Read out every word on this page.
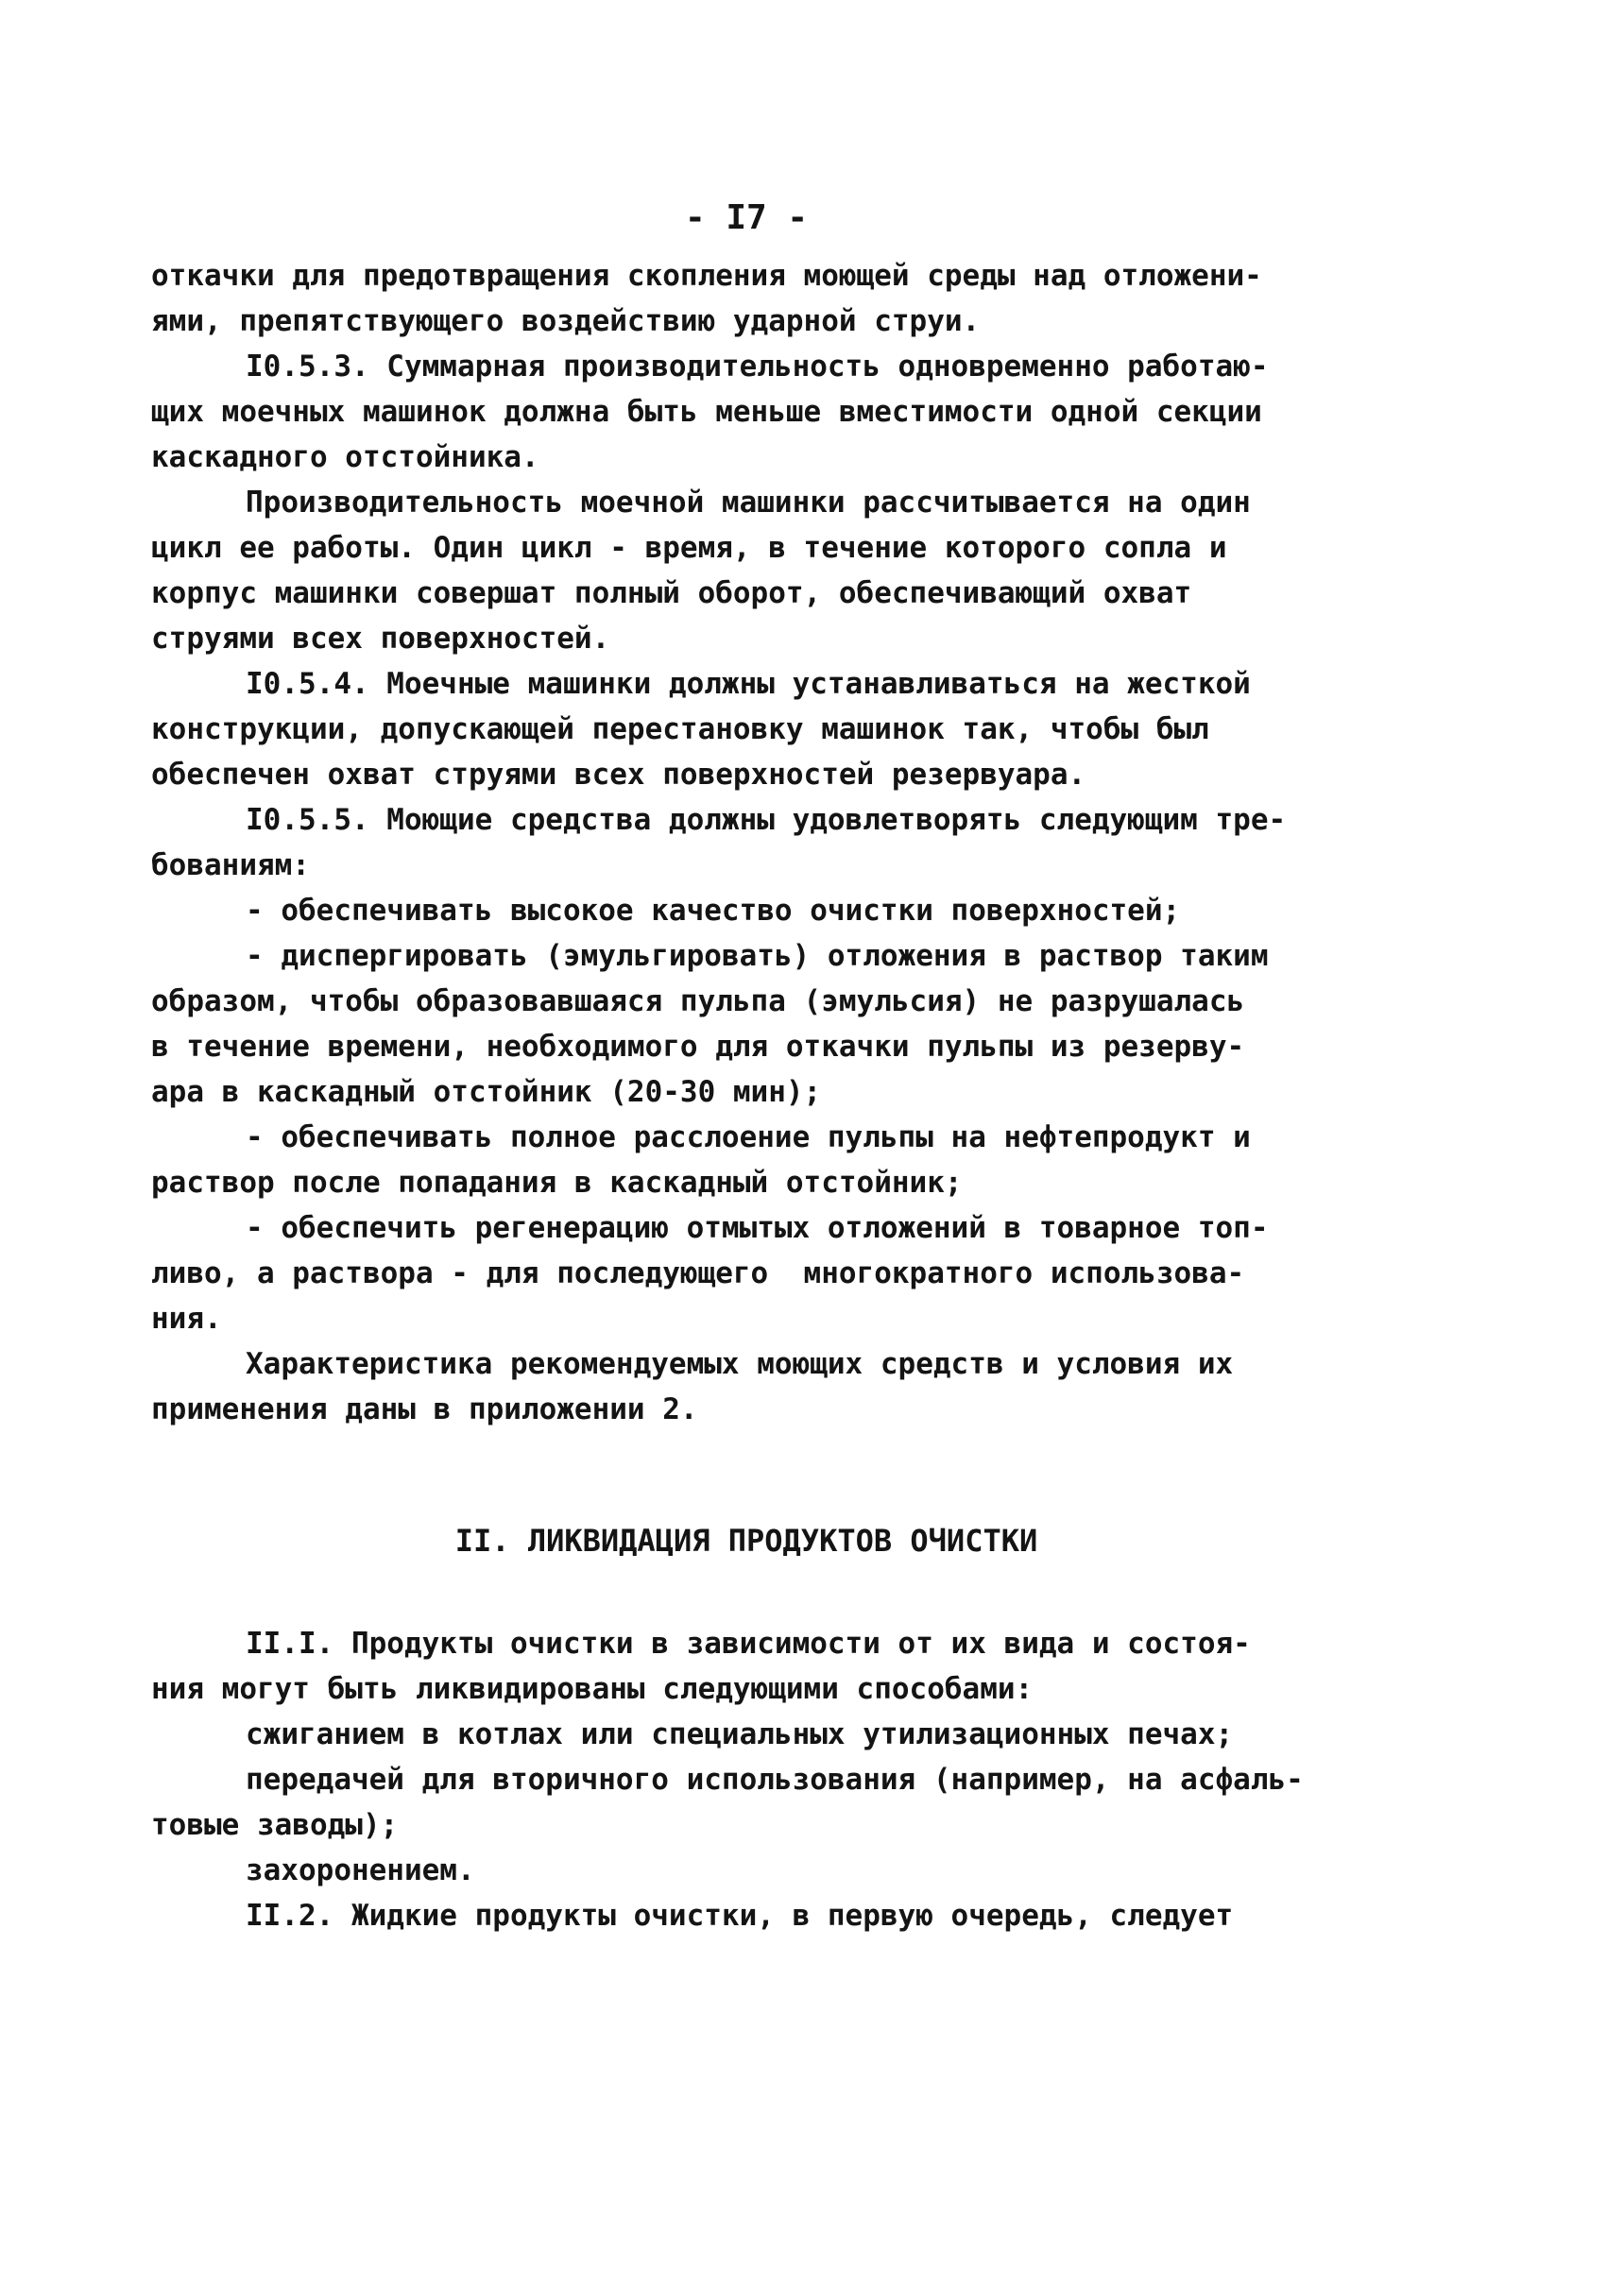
- I7 -
откачки для предотвращения скопления моющей среды над отложени-
ями, препятствующего воздействию ударной струи.
I0.5.3. Суммарная производительность одновременно работаю-
щих моечных машинок должна быть меньше вместимости одной секции
каскадного отстойника.
Производительность моечной машинки рассчитывается на один
цикл ее работы. Один цикл - время, в течение которого сопла и
корпус машинки совершат полный оборот, обеспечивающий охват
струями всех поверхностей.
I0.5.4. Моечные машинки должны устанавливаться на жесткой
конструкции, допускающей перестановку машинок так, чтобы был
обеспечен охват струями всех поверхностей резервуара.
I0.5.5. Моющие средства должны удовлетворять следующим тре-
бованиям:
- обеспечивать высокое качество очистки поверхностей;
- диспергировать (эмульгировать) отложения в раствор таким
образом, чтобы образовавшаяся пульпа (эмульсия) не разрушалась
в течение времени, необходимого для откачки пульпы из резерву-
ара в каскадный отстойник (20-30 мин);
- обеспечивать полное расслоение пульпы на нефтепродукт и
раствор после попадания в каскадный отстойник;
- обеспечить регенерацию отмытых отложений в товарное топ-
ливо, а раствора - для последующего  многократного использова-
ния.
Характеристика рекомендуемых моющих средств и условия их
применения даны в приложении 2.
II. ЛИКВИДАЦИЯ ПРОДУКТОВ ОЧИСТКИ
II.I. Продукты очистки в зависимости от их вида и состоя-
ния могут быть ликвидированы следующими способами:
сжиганием в котлах или специальных утилизационных печах;
передачей для вторичного использования (например, на асфаль-
товые заводы);
захоронением.
II.2. Жидкие продукты очистки, в первую очередь, следует
